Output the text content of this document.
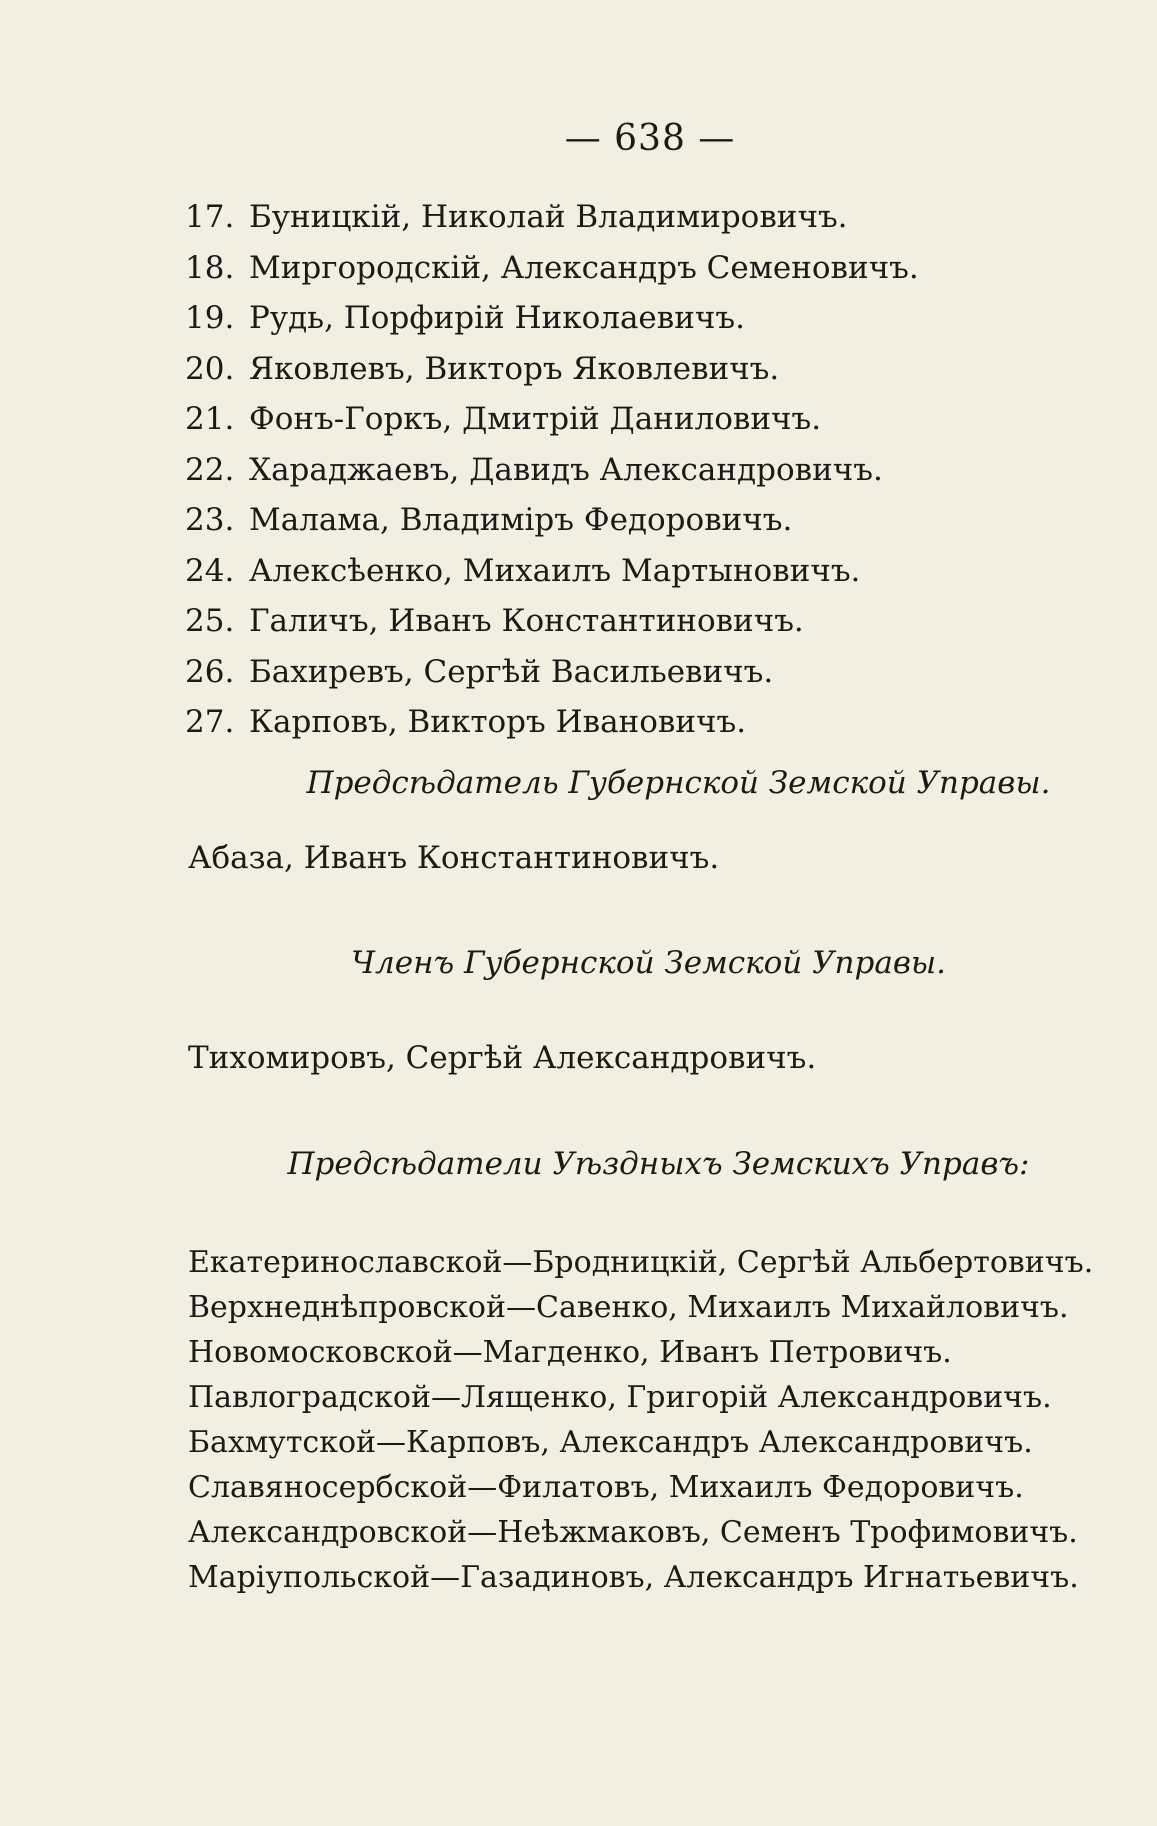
— 638 —
17. Буницкій, Николай Владимировичъ.
18. Миргородскій, Александръ Семеновичъ.
19. Рудь, Порфирій Николаевичъ.
20. Яковлевъ, Викторъ Яковлевичъ.
21. Фонъ-Горкъ, Дмитрій Даниловичъ.
22. Хараджаевъ, Давидъ Александровичъ.
23. Малама, Владиміръ Федоровичъ.
24. Алексѣенко, Михаилъ Мартыновичъ.
25. Галичъ, Иванъ Константиновичъ.
26. Бахиревъ, Сергѣй Васильевичъ.
27. Карповъ, Викторъ Ивановичъ.
Предсѣдатель Губернской Земской Управы.
Абаза, Иванъ Константиновичъ.
Членъ Губернской Земской Управы.
Тихомировъ, Сергѣй Александровичъ.
Предсѣдатели Уѣздныхъ Земскихъ Управъ:
Екатеринославской—Бродницкій, Сергѣй Альбертовичъ.
Верхнеднѣпровской—Савенко, Михаилъ Михайловичъ.
Новомосковской—Магденко, Иванъ Петровичъ.
Павлоградской—Лященко, Григорій Александровичъ.
Бахмутской—Карповъ, Александръ Александровичъ.
Славяносербской—Филатовъ, Михаилъ Федоровичъ.
Александровской—Неѣжмаковъ, Семенъ Трофимовичъ.
Маріупольской—Газадиновъ, Александръ Игнатьевичъ.
